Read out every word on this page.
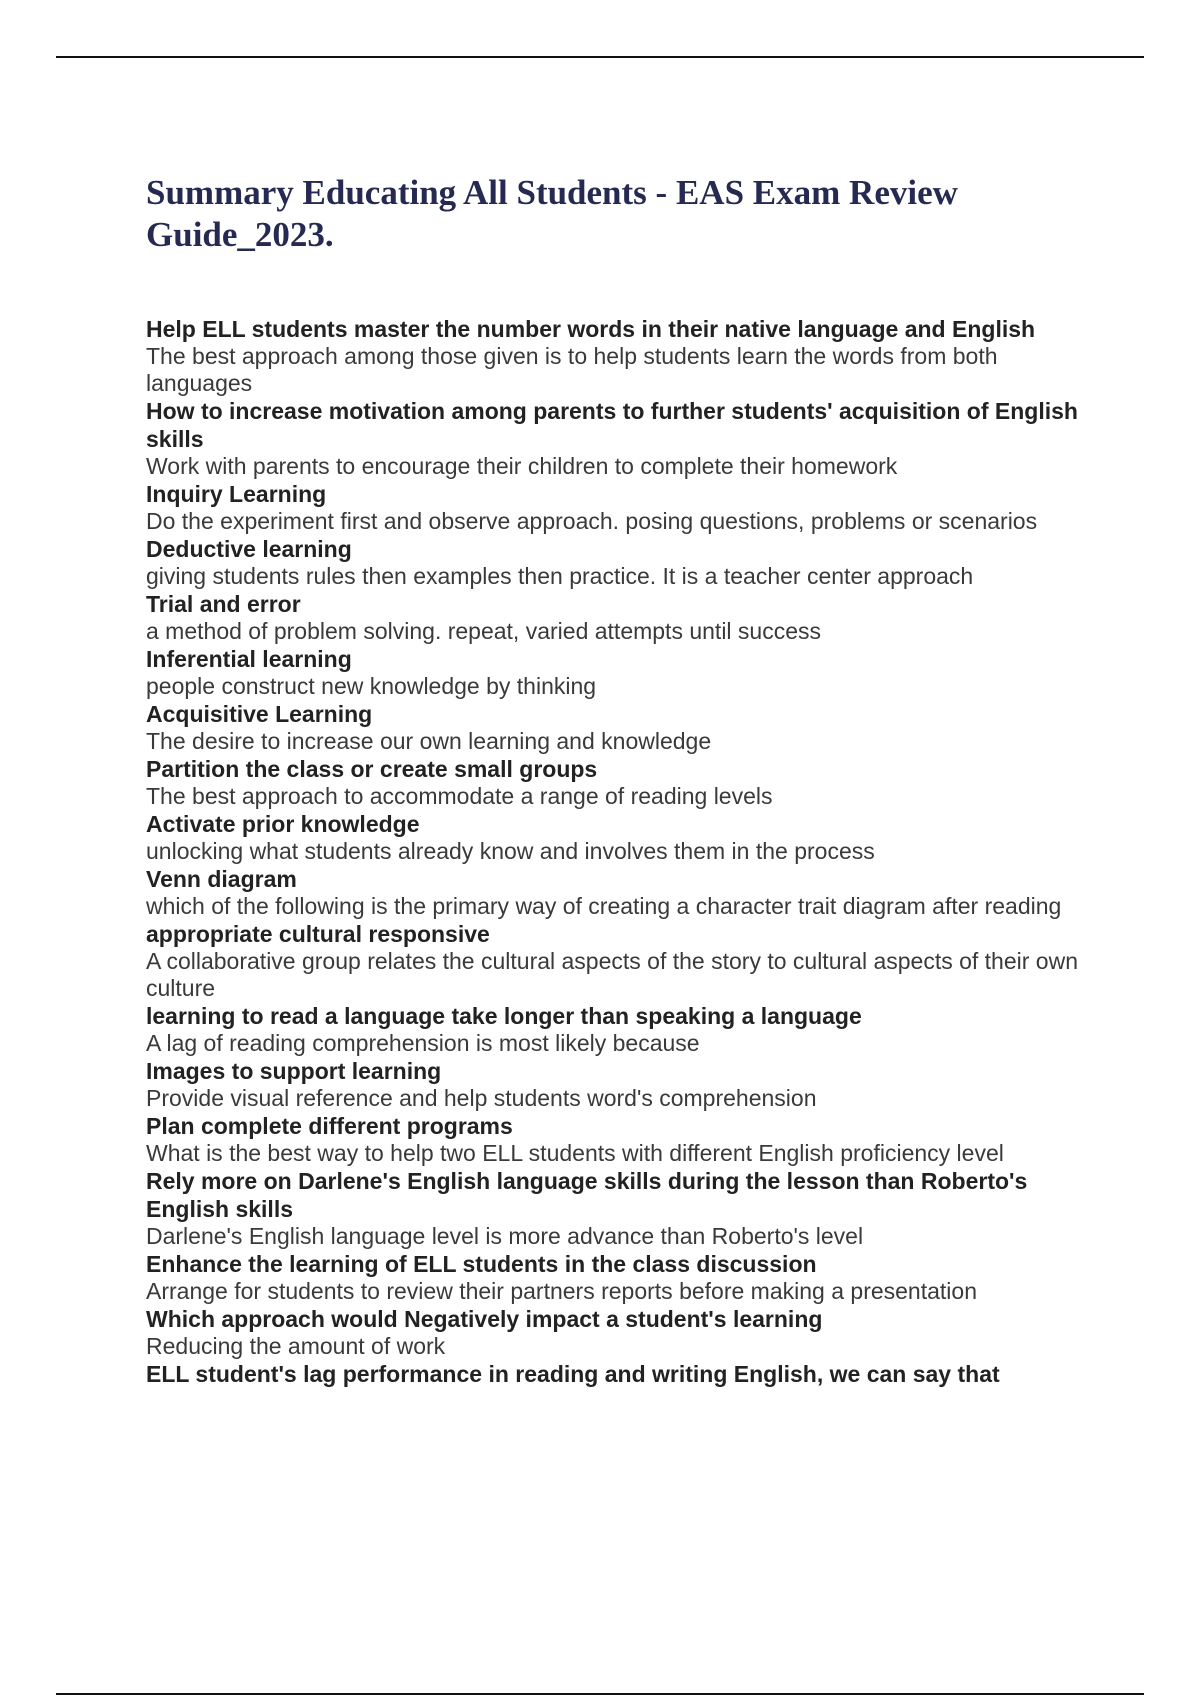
Summary Educating All Students - EAS Exam Review Guide_2023.
Help ELL students master the number words in their native language and English
The best approach among those given is to help students learn the words from both languages
How to increase motivation among parents to further students' acquisition of English skills
Work with parents to encourage their children to complete their homework
Inquiry Learning
Do the experiment first and observe approach. posing questions, problems or scenarios
Deductive learning
giving students rules then examples then practice. It is a teacher center approach
Trial and error
a method of problem solving. repeat, varied attempts until success
Inferential learning
people construct new knowledge by thinking
Acquisitive Learning
The desire to increase our own learning and knowledge
Partition the class or create small groups
The best approach to accommodate a range of reading levels
Activate prior knowledge
unlocking what students already know and involves them in the process
Venn diagram
which of the following is the primary way of creating a character trait diagram after reading
appropriate cultural responsive
A collaborative group relates the cultural aspects of the story to cultural aspects of their own culture
learning to read a language take longer than speaking a language
A lag of reading comprehension is most likely because
Images to support learning
Provide visual reference and help students word's comprehension
Plan complete different programs
What is the best way to help two ELL students with different English proficiency level
Rely more on Darlene's English language skills during the lesson than Roberto's English skills
Darlene's English language level is more advance than Roberto's level
Enhance the learning of ELL students in the class discussion
Arrange for students to review their partners reports before making a presentation
Which approach would Negatively impact a student's learning
Reducing the amount of work
ELL student's lag performance in reading and writing English, we can say that
